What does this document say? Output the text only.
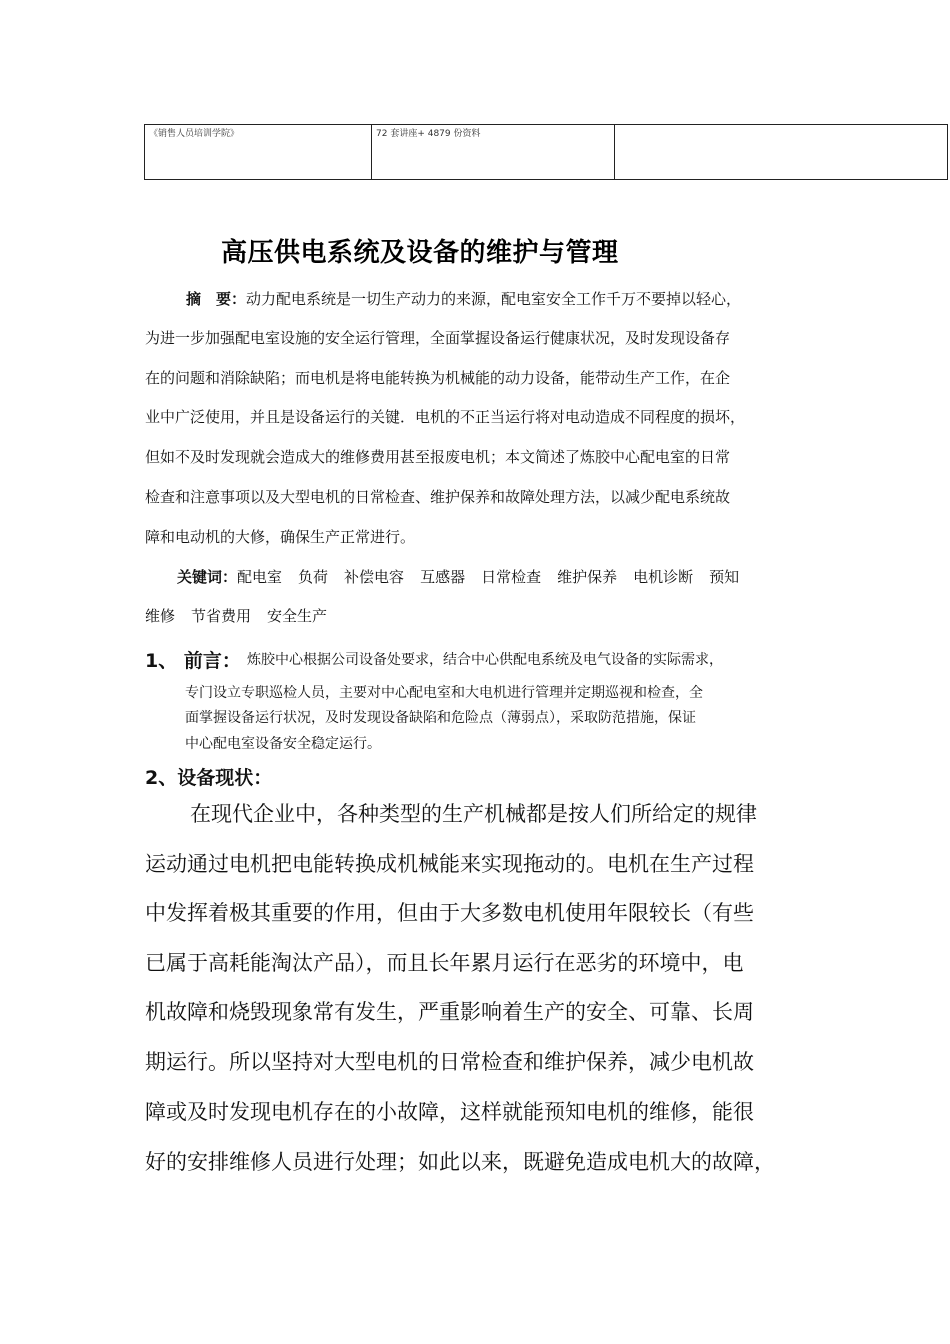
《销售人员培训学院》	72 套讲座+ 4879 份资料	
高压供电系统及设备的维护与管理
摘　要：动力配电系统是一切生产动力的来源，配电室安全工作千万不要掉以轻心，
为进一步加强配电室设施的安全运行管理，全面掌握设备运行健康状况，及时发现设备存
在的问题和消除缺陷；而电机是将电能转换为机械能的动力设备，能带动生产工作，在企
业中广泛使用，并且是设备运行的关键．电机的不正当运行将对电动造成不同程度的损坏，
但如不及时发现就会造成大的维修费用甚至报废电机；本文简述了炼胶中心配电室的日常
检查和注意事项以及大型电机的日常检查、维护保养和故障处理方法，以减少配电系统故
障和电动机的大修，确保生产正常进行。
关键词：配电室 负荷 补偿电容 互感器 日常检查 维护保养 电机诊断 预知
维修 节省费用 安全生产
1、 前言： 炼胶中心根据公司设备处要求，结合中心供配电系统及电气设备的实际需求，
专门设立专职巡检人员，主要对中心配电室和大电机进行管理并定期巡视和检查，全
面掌握设备运行状况，及时发现设备缺陷和危险点（薄弱点），采取防范措施，保证
中心配电室设备安全稳定运行。
2、设备现状：
在现代企业中，各种类型的生产机械都是按人们所给定的规律
运动通过电机把电能转换成机械能来实现拖动的。电机在生产过程
中发挥着极其重要的作用，但由于大多数电机使用年限较长（有些
已属于高耗能淘汰产品），而且长年累月运行在恶劣的环境中，电
机故障和烧毁现象常有发生，严重影响着生产的安全、可靠、长周
期运行。所以坚持对大型电机的日常检查和维护保养，减少电机故
障或及时发现电机存在的小故障，这样就能预知电机的维修，能很
好的安排维修人员进行处理；如此以来，既避免造成电机大的故障，
